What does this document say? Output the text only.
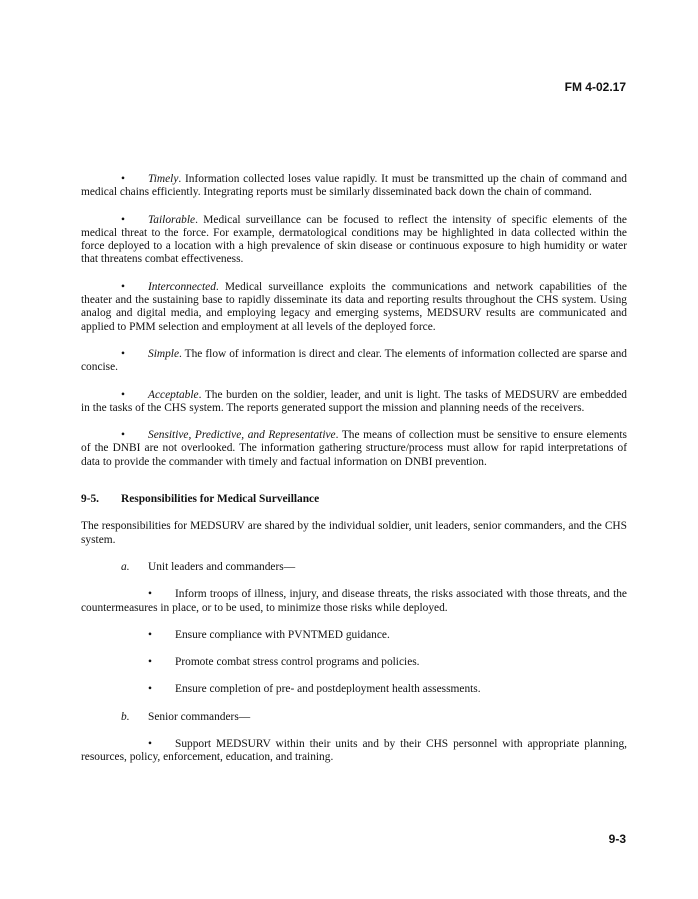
FM 4-02.17

• Timely. Information collected loses value rapidly. It must be transmitted up the chain of command and medical chains efficiently. Integrating reports must be similarly disseminated back down the chain of command.

• Tailorable. Medical surveillance can be focused to reflect the intensity of specific elements of the medical threat to the force. For example, dermatological conditions may be highlighted in data collected within the force deployed to a location with a high prevalence of skin disease or continuous exposure to high humidity or water that threatens combat effectiveness.

• Interconnected. Medical surveillance exploits the communications and network capabilities of the theater and the sustaining base to rapidly disseminate its data and reporting results throughout the CHS system. Using analog and digital media, and employing legacy and emerging systems, MEDSURV results are communicated and applied to PMM selection and employment at all levels of the deployed force.

• Simple. The flow of information is direct and clear. The elements of information collected are sparse and concise.

• Acceptable. The burden on the soldier, leader, and unit is light. The tasks of MEDSURV are embedded in the tasks of the CHS system. The reports generated support the mission and planning needs of the receivers.

• Sensitive, Predictive, and Representative. The means of collection must be sensitive to ensure elements of the DNBI are not overlooked. The information gathering structure/process must allow for rapid interpretations of data to provide the commander with timely and factual information on DNBI prevention.

9-5. Responsibilities for Medical Surveillance

The responsibilities for MEDSURV are shared by the individual soldier, unit leaders, senior commanders, and the CHS system.

a. Unit leaders and commanders—

• Inform troops of illness, injury, and disease threats, the risks associated with those threats, and the countermeasures in place, or to be used, to minimize those risks while deployed.

• Ensure compliance with PVNTMED guidance.

• Promote combat stress control programs and policies.

• Ensure completion of pre- and postdeployment health assessments.

b. Senior commanders—

• Support MEDSURV within their units and by their CHS personnel with appropriate planning, resources, policy, enforcement, education, and training.

9-3
